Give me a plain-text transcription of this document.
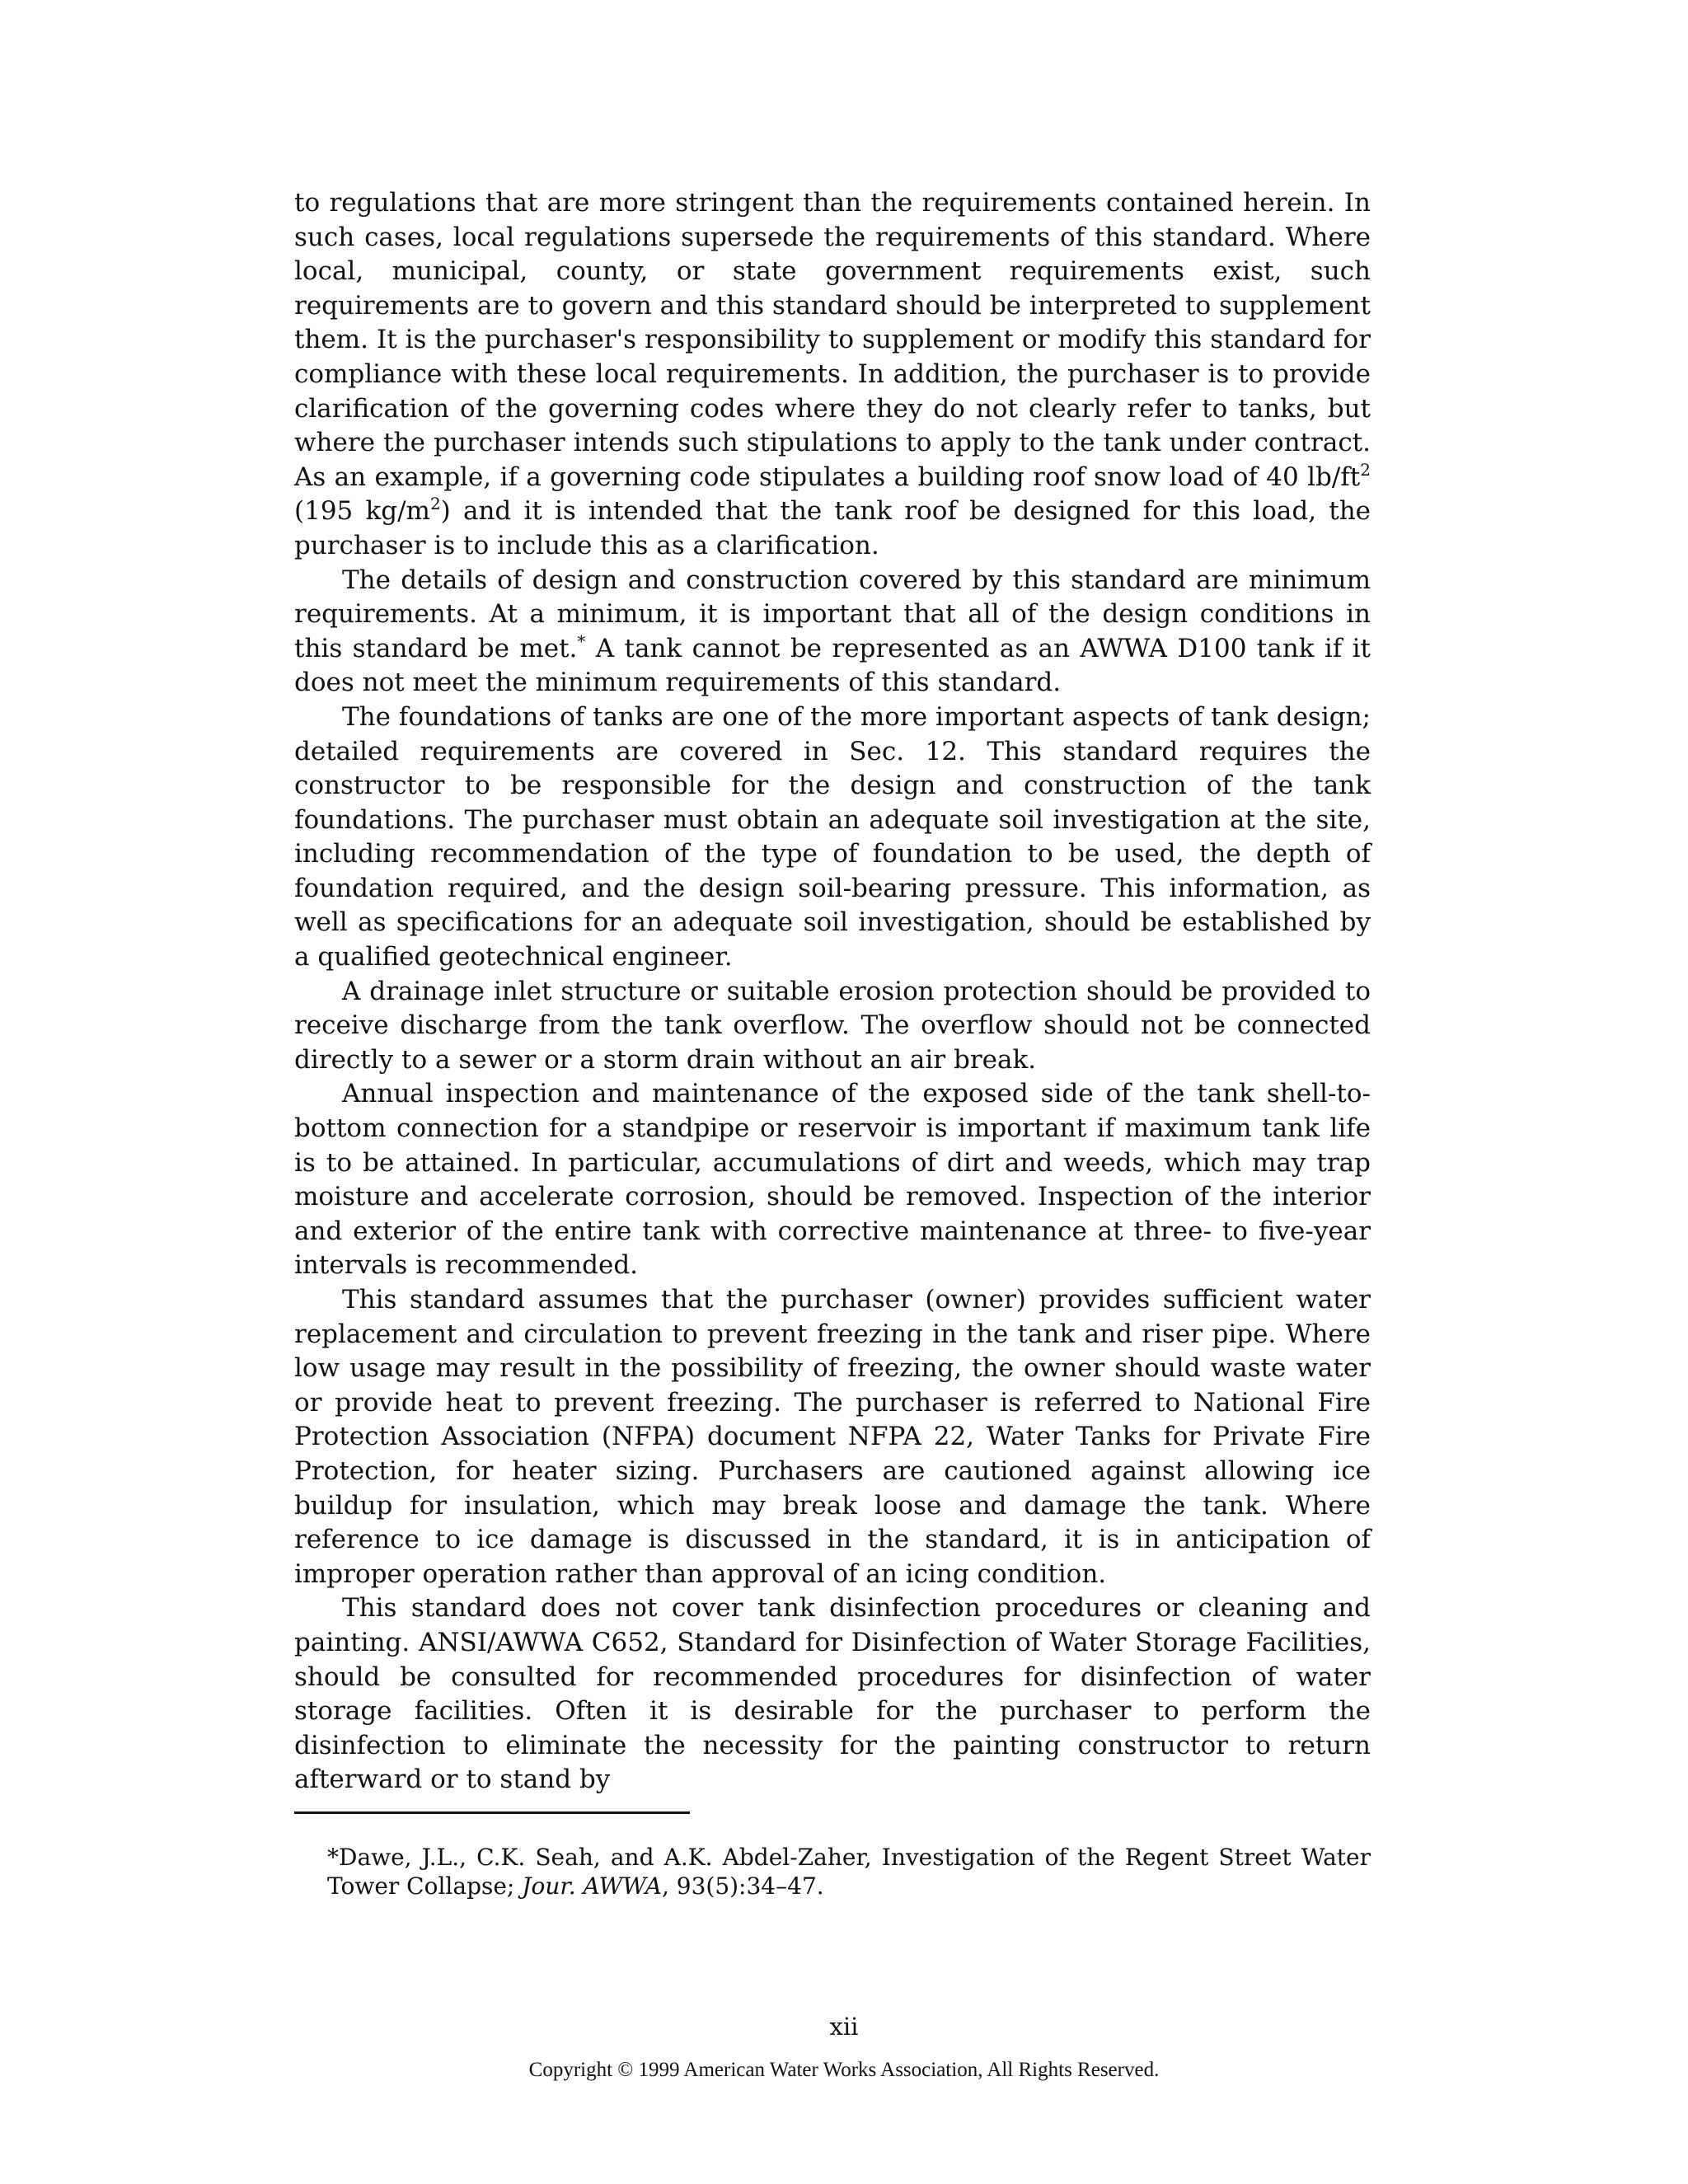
to regulations that are more stringent than the requirements contained herein. In such cases, local regulations supersede the requirements of this standard. Where local, municipal, county, or state government requirements exist, such requirements are to govern and this standard should be interpreted to supplement them. It is the purchaser's responsibility to supplement or modify this standard for compliance with these local requirements. In addition, the purchaser is to provide clarification of the governing codes where they do not clearly refer to tanks, but where the purchaser intends such stipulations to apply to the tank under contract. As an example, if a governing code stipulates a building roof snow load of 40 $lb/ft^2$ (195 $kg/m^2$) and it is intended that the tank roof be designed for this load, the purchaser is to include this as a clarification.

The details of design and construction covered by this standard are minimum requirements. At a minimum, it is important that all of the design conditions in this standard be met.* A tank cannot be represented as an AWWA D100 tank if it does not meet the minimum requirements of this standard.

The foundations of tanks are one of the more important aspects of tank design; detailed requirements are covered in Sec. 12. This standard requires the constructor to be responsible for the design and construction of the tank foundations. The purchaser must obtain an adequate soil investigation at the site, including recommendation of the type of foundation to be used, the depth of foundation required, and the design soil-bearing pressure. This information, as well as specifications for an adequate soil investigation, should be established by a qualified geotechnical engineer.

A drainage inlet structure or suitable erosion protection should be provided to receive discharge from the tank overflow. The overflow should not be connected directly to a sewer or a storm drain without an air break.

Annual inspection and maintenance of the exposed side of the tank shell-to-bottom connection for a standpipe or reservoir is important if maximum tank life is to be attained. In particular, accumulations of dirt and weeds, which may trap moisture and accelerate corrosion, should be removed. Inspection of the interior and exterior of the entire tank with corrective maintenance at three- to five-year intervals is recommended.

This standard assumes that the purchaser (owner) provides sufficient water replacement and circulation to prevent freezing in the tank and riser pipe. Where low usage may result in the possibility of freezing, the owner should waste water or provide heat to prevent freezing. The purchaser is referred to National Fire Protection Association (NFPA) document NFPA 22, Water Tanks for Private Fire Protection, for heater sizing. Purchasers are cautioned against allowing ice buildup for insulation, which may break loose and damage the tank. Where reference to ice damage is discussed in the standard, it is in anticipation of improper operation rather than approval of an icing condition.

This standard does not cover tank disinfection procedures or cleaning and painting. ANSI/AWWA C652, Standard for Disinfection of Water Storage Facilities, should be consulted for recommended procedures for disinfection of water storage facilities. Often it is desirable for the purchaser to perform the disinfection to eliminate the necessity for the painting constructor to return afterward or to stand by

*Dawe, J.L., C.K. Seah, and A.K. Abdel-Zaher, Investigation of the Regent Street Water Tower Collapse; Jour. AWWA, 93(5):34–47.
xii
Copyright © 1999 American Water Works Association, All Rights Reserved.
